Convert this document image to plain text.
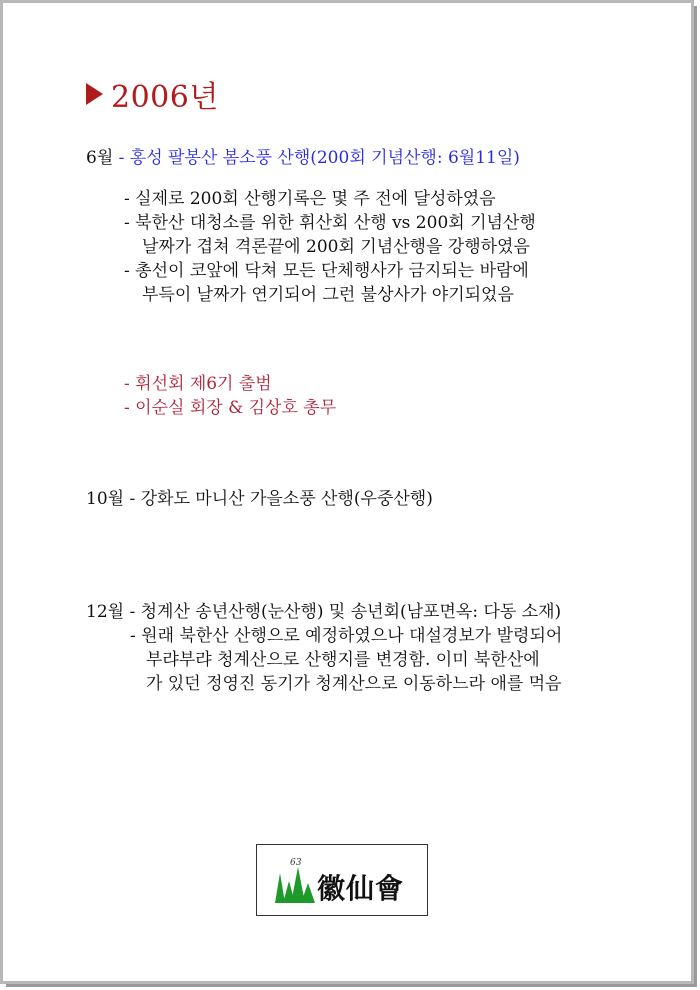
2006년
6월 - 홍성 팔봉산 봄소풍 산행(200회 기념산행: 6월11일)
- 실제로 200회 산행기록은 몇 주 전에 달성하였음
- 북한산 대청소를 위한 휘산회 산행 vs 200회 기념산행
날짜가 겹쳐 격론끝에 200회 기념산행을 강행하였음
- 총선이 코앞에 닥쳐 모든 단체행사가 금지되는 바람에
부득이 날짜가 연기되어 그런 불상사가 야기되었음
- 휘선회 제6기 출범
- 이순실 회장 & 김상호 총무
10월 - 강화도 마니산 가을소풍 산행(우중산행)
12월 - 청계산 송년산행(눈산행) 및 송년회(남포면옥: 다동 소재)
- 원래 북한산 산행으로 예정하였으나 대설경보가 발령되어
부랴부랴 청계산으로 산행지를 변경함. 이미 북한산에
가 있던 정영진 동기가 청계산으로 이동하느라 애를 먹음
63
徽仙會
